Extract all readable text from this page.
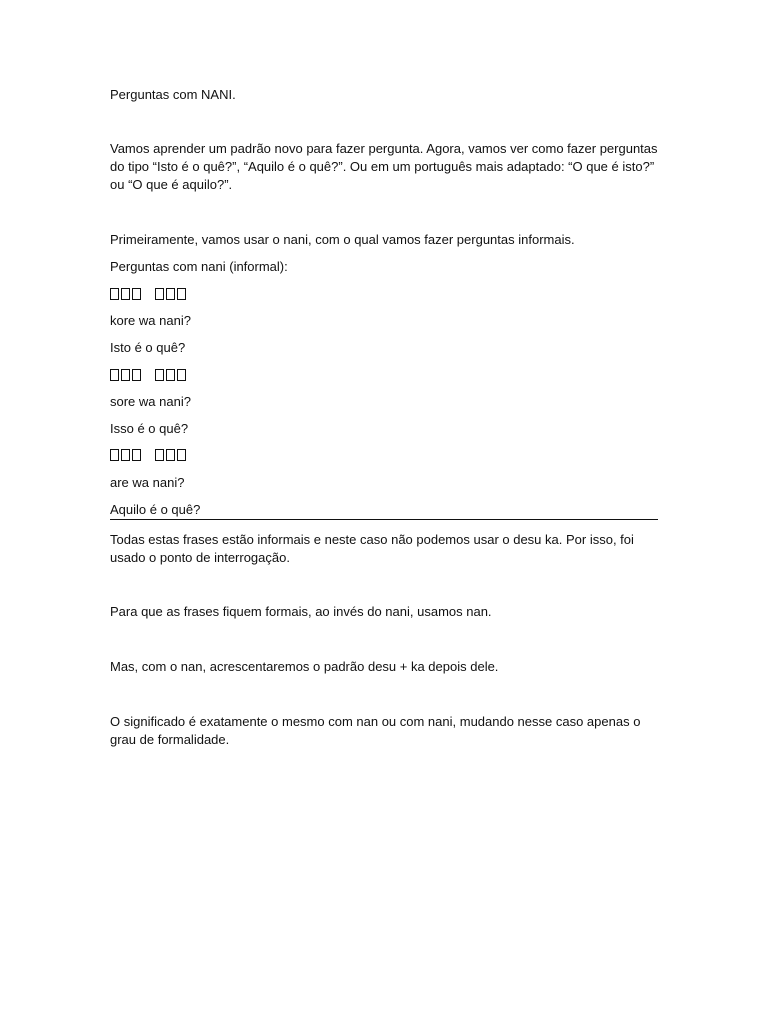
Perguntas com NANI.

Vamos aprender um padrão novo para fazer pergunta. Agora, vamos ver como fazer perguntas do tipo “Isto é o quê?”, “Aquilo é o quê?”. Ou em um português mais adaptado: “O que é isto?” ou “O que é aquilo?”.

Primeiramente, vamos usar o nani, com o qual vamos fazer perguntas informais.

Perguntas com nani (informal):

kore wa nani?

Isto é o quê?

sore wa nani?

Isso é o quê?

are wa nani?

Aquilo é o quê?

Todas estas frases estão informais e neste caso não podemos usar o desu ka. Por isso, foi usado o ponto de interrogação.

Para que as frases fiquem formais, ao invés do nani, usamos nan.

Mas, com o nan, acrescentaremos o padrão desu + ka depois dele.

O significado é exatamente o mesmo com nan ou com nani, mudando nesse caso apenas o grau de formalidade.
